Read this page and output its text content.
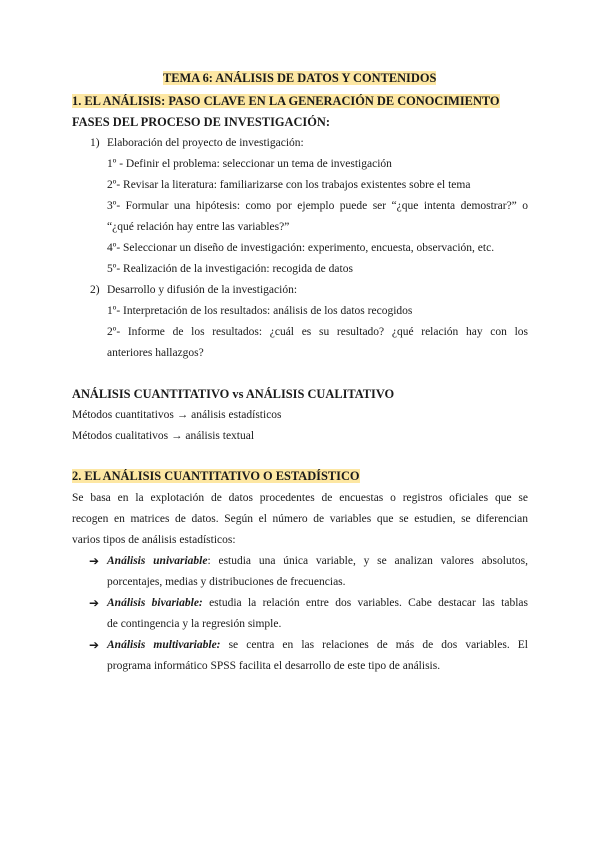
TEMA 6: ANÁLISIS DE DATOS Y CONTENIDOS
1. EL ANÁLISIS: PASO CLAVE EN LA GENERACIÓN DE CONOCIMIENTO
FASES DEL PROCESO DE INVESTIGACIÓN:
1) Elaboración del proyecto de investigación:
1º - Definir el problema: seleccionar un tema de investigación
2º- Revisar la literatura: familiarizarse con los trabajos existentes sobre el tema
3º- Formular una hipótesis: como por ejemplo puede ser “¿que intenta demostrar?” o
“¿qué relación hay entre las variables?”
4º- Seleccionar un diseño de investigación: experimento, encuesta, observación, etc.
5º- Realización de la investigación: recogida de datos
2) Desarrollo y difusión de la investigación:
1º- Interpretación de los resultados: análisis de los datos recogidos
2º- Informe de los resultados: ¿cuál es su resultado? ¿qué relación hay con los
anteriores hallazgos?
ANÁLISIS CUANTITATIVO vs ANÁLISIS CUALITATIVO
Métodos cuantitativos → análisis estadísticos
Métodos cualitativos → análisis textual
2. EL ANÁLISIS CUANTITATIVO O ESTADÍSTICO
Se basa en la explotación de datos procedentes de encuestas o registros oficiales que se
recogen en matrices de datos. Según el número de variables que se estudien, se diferencian
varios tipos de análisis estadísticos:
➔ Análisis univariable: estudia una única variable, y se analizan valores absolutos,
porcentajes, medias y distribuciones de frecuencias.
➔ Análisis bivariable: estudia la relación entre dos variables. Cabe destacar las tablas
de contingencia y la regresión simple.
➔ Análisis multivariable: se centra en las relaciones de más de dos variables. El
programa informático SPSS facilita el desarrollo de este tipo de análisis.
